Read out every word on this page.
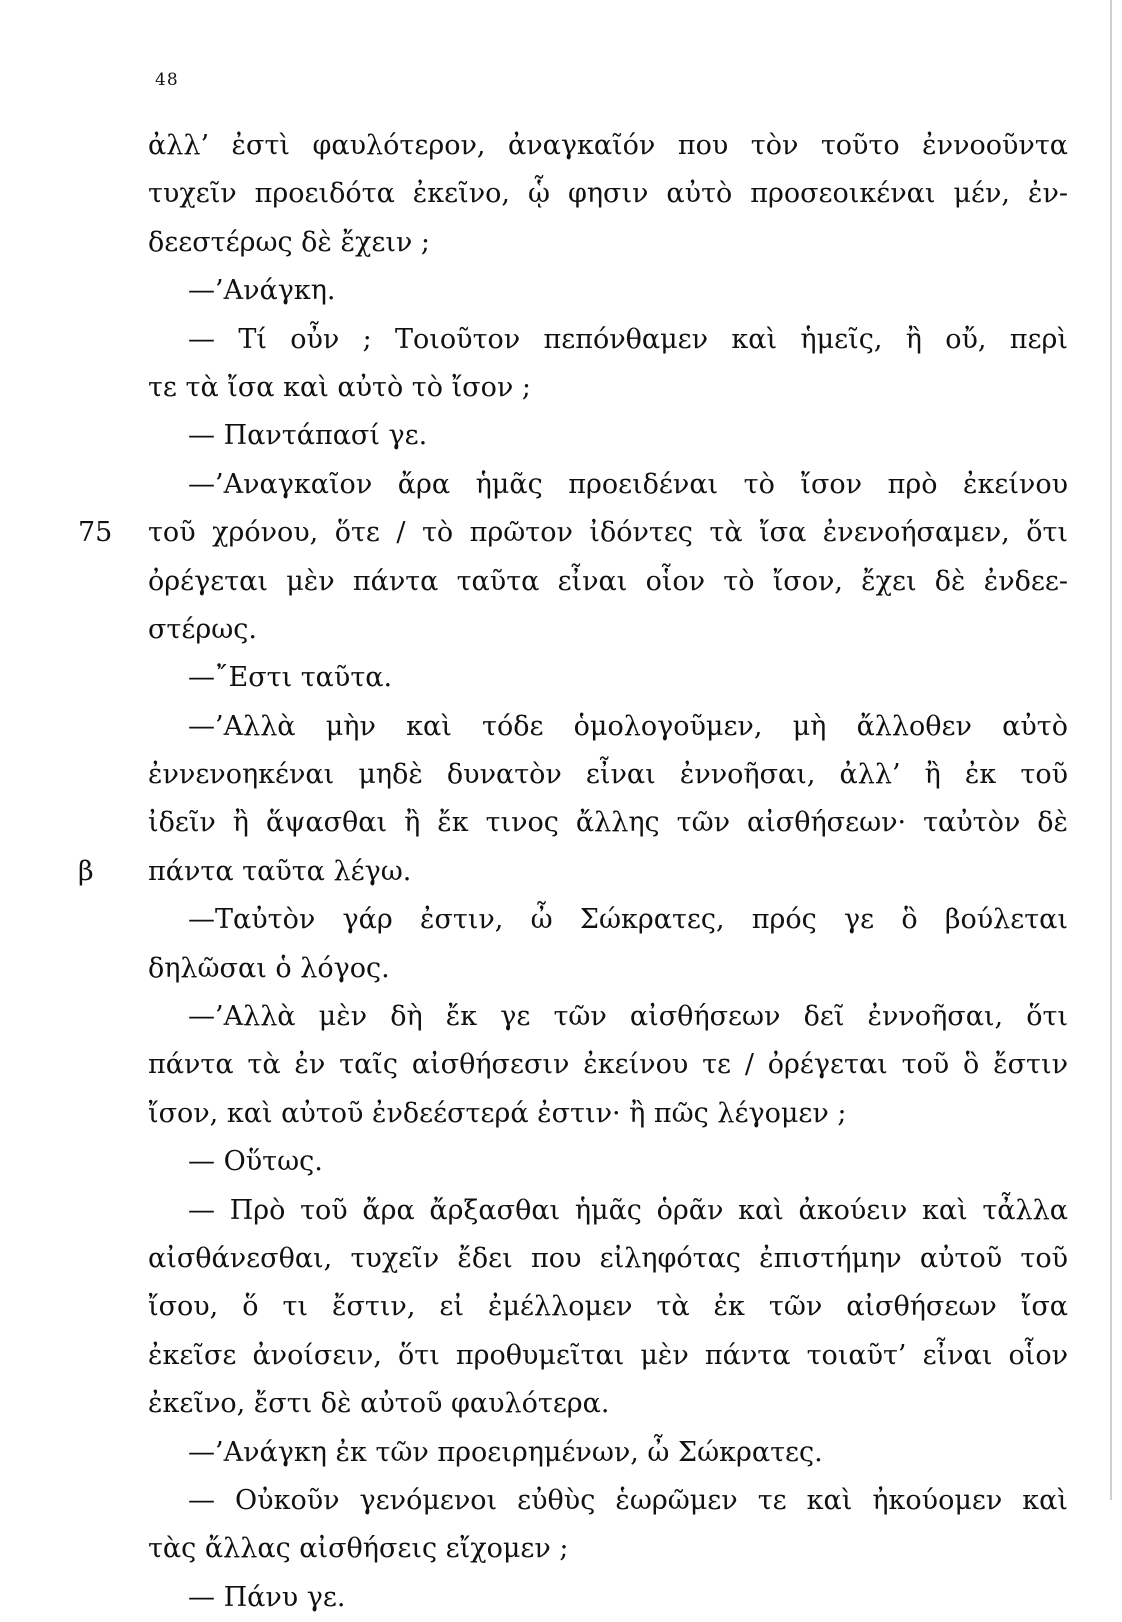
48
ἀλλ’ ἐστὶ φαυλότερον, ἀναγκαῖόν που τὸν τοῦτο ἐννοοῦντα
τυχεῖν προειδότα ἐκεῖνο, ᾧ φησιν αὐτὸ προσεοικέναι μέν, ἐν-
δεεστέρως δὲ ἔχειν ;
—’Ανάγκη.
— Τί οὖν ; Τοιοῦτον πεπόνθαμεν καὶ ἡμεῖς, ἢ οὔ, περὶ
τε τὰ ἴσα καὶ αὐτὸ τὸ ἴσον ;
— Παντάπασί γε.
—’Αναγκαῖον ἄρα ἡμᾶς προειδέναι τὸ ἴσον πρὸ ἐκείνου
τοῦ χρόνου, ὅτε / τὸ πρῶτον ἰδόντες τὰ ἴσα ἐνενοήσαμεν, ὅτι
75
ὀρέγεται μὲν πάντα ταῦτα εἶναι οἷον τὸ ἴσον, ἔχει δὲ ἐνδεε-
στέρως.
—῎Εστι ταῦτα.
—’Αλλὰ μὴν καὶ τόδε ὁμολογοῦμεν, μὴ ἄλλοθεν αὐτὸ
ἐννενοηκέναι μηδὲ δυνατὸν εἶναι ἐννοῆσαι, ἀλλ’ ἢ ἐκ τοῦ
ἰδεῖν ἢ ἅψασθαι ἢ ἔκ τινος ἄλλης τῶν αἰσθήσεων· ταὐτὸν δὲ
πάντα ταῦτα λέγω.
β
—Ταὐτὸν γάρ ἐστιν, ὦ Σώκρατες, πρός γε ὃ βούλεται
δηλῶσαι ὁ λόγος.
—’Αλλὰ μὲν δὴ ἔκ γε τῶν αἰσθήσεων δεῖ ἐννοῆσαι, ὅτι
πάντα τὰ ἐν ταῖς αἰσθήσεσιν ἐκείνου τε / ὀρέγεται τοῦ ὃ ἔστιν
ἴσον, καὶ αὐτοῦ ἐνδεέστερά ἐστιν· ἢ πῶς λέγομεν ;
— Οὕτως.
— Πρὸ τοῦ ἄρα ἄρξασθαι ἡμᾶς ὁρᾶν καὶ ἀκούειν καὶ τἆλλα
αἰσθάνεσθαι, τυχεῖν ἔδει που εἰληφότας ἐπιστήμην αὐτοῦ τοῦ
ἴσου, ὅ τι ἔστιν, εἰ ἐμέλλομεν τὰ ἐκ τῶν αἰσθήσεων ἴσα
ἐκεῖσε ἀνοίσειν, ὅτι προθυμεῖται μὲν πάντα τοιαῦτ’ εἶναι οἷον
ἐκεῖνο, ἔστι δὲ αὐτοῦ φαυλότερα.
—’Ανάγκη ἐκ τῶν προειρημένων, ὦ Σώκρατες.
— Οὐκοῦν γενόμενοι εὐθὺς ἑωρῶμεν τε καὶ ἠκούομεν καὶ
τὰς ἄλλας αἰσθήσεις εἴχομεν ;
— Πάνυ γε.
